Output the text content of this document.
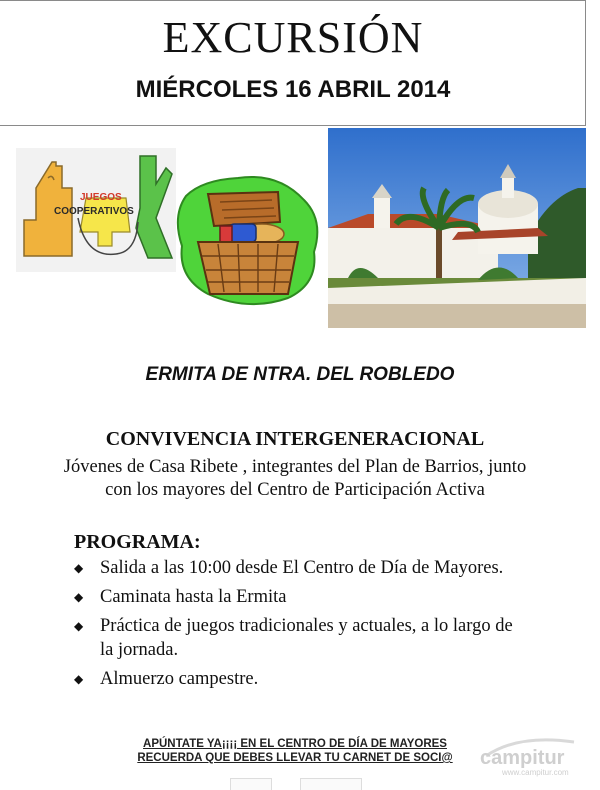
EXCURSIÓN
MIÉRCOLES 16 ABRIL 2014
JUEGOS
COOPERATIVOS
ERMITA DE NTRA. DEL ROBLEDO
CONVIVENCIA INTERGENERACIONAL
Jóvenes de Casa Ribete , integrantes del Plan de Barrios, junto con los mayores del Centro de Participación Activa
PROGRAMA:
◆ Salida a las 10:00 desde El Centro de Día de Mayores.
◆ Caminata hasta la Ermita
◆ Práctica de juegos tradicionales y actuales, a lo largo de la jornada.
◆ Almuerzo campestre.
APÚNTATE YA¡¡¡¡ EN EL CENTRO DE DÍA DE MAYORES
RECUERDA QUE DEBES LLEVAR TU CARNET DE SOCI@	campitur
www.campitur.com
